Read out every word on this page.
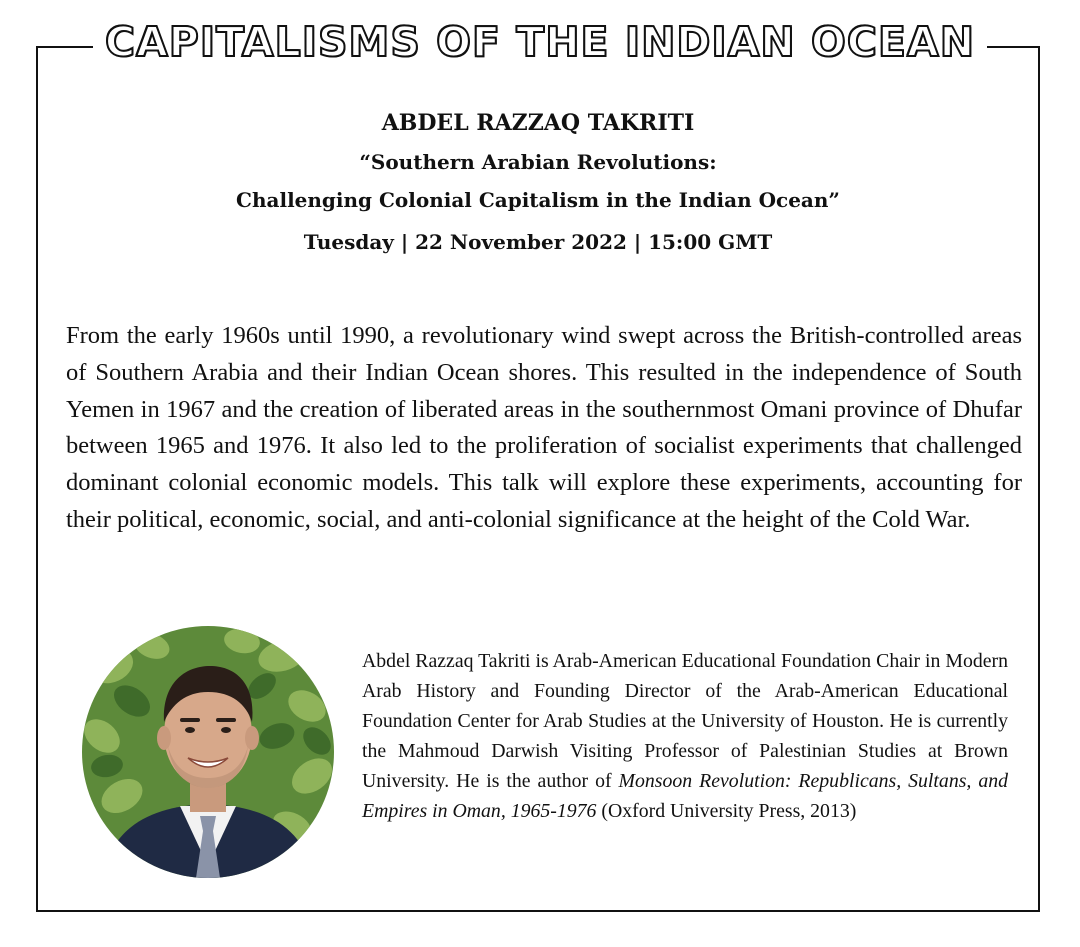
CAPITALISMS OF THE INDIAN OCEAN
ABDEL RAZZAQ TAKRITI
“Southern Arabian Revolutions:
Challenging Colonial Capitalism in the Indian Ocean”
Tuesday | 22 November 2022 | 15:00 GMT

From the early 1960s until 1990, a revolutionary wind swept across the British-controlled areas of Southern Arabia and their Indian Ocean shores. This resulted in the independence of South Yemen in 1967 and the creation of liberated areas in the southernmost Omani province of Dhufar between 1965 and 1976. It also led to the proliferation of socialist experiments that challenged dominant colonial economic models. This talk will explore these experiments, accounting for their political, economic, social, and anti-colonial significance at the height of the Cold War.

Abdel Razzaq Takriti is Arab-American Educational Foundation Chair in Modern Arab History and Founding Director of the Arab-American Educational Foundation Center for Arab Studies at the University of Houston. He is currently the Mahmoud Darwish Visiting Professor of Palestinian Studies at Brown University. He is the author of Monsoon Revolution: Republicans, Sultans, and Empires in Oman, 1965-1976 (Oxford University Press, 2013)
